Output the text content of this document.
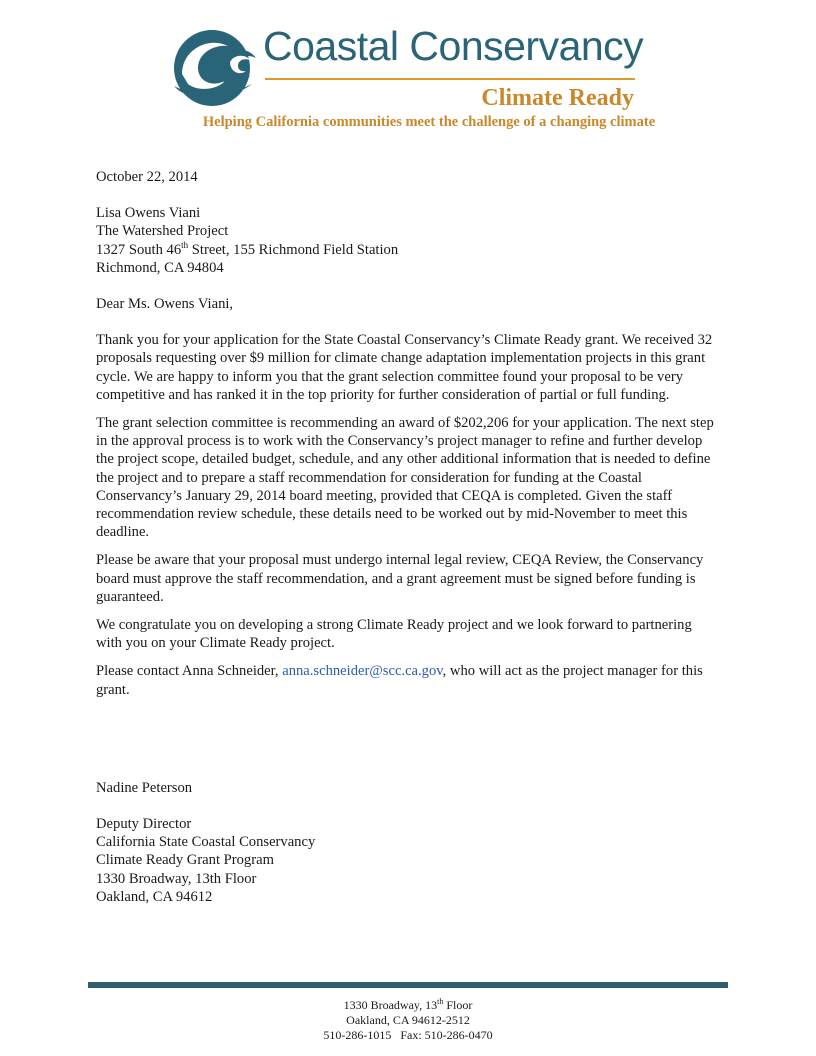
Coastal Conservancy
Climate Ready
Helping California communities meet the challenge of a changing climate

October 22, 2014

Lisa Owens Viani

The Watershed Project

1327 South 46th Street, 155 Richmond Field Station

Richmond, CA 94804

Dear Ms. Owens Viani,

Thank you for your application for the State Coastal Conservancy’s Climate Ready grant. We received 32 proposals requesting over $9 million for climate change adaptation implementation projects in this grant cycle. We are happy to inform you that the grant selection committee found your proposal to be very competitive and has ranked it in the top priority for further consideration of partial or full funding.

The grant selection committee is recommending an award of $202,206 for your application. The next step in the approval process is to work with the Conservancy’s project manager to refine and further develop the project scope, detailed budget, schedule, and any other additional information that is needed to define the project and to prepare a staff recommendation for consideration for funding at the Coastal Conservancy’s January 29, 2014 board meeting, provided that CEQA is completed. Given the staff recommendation review schedule, these details need to be worked out by mid-November to meet this deadline.

Please be aware that your proposal must undergo internal legal review, CEQA Review, the Conservancy board must approve the staff recommendation, and a grant agreement must be signed before funding is guaranteed.

We congratulate you on developing a strong Climate Ready project and we look forward to partnering with you on your Climate Ready project.

Please contact Anna Schneider, anna.schneider@scc.ca.gov, who will act as the project manager for this grant.

Nadine Peterson

Deputy Director

California State Coastal Conservancy

Climate Ready Grant Program

1330 Broadway, 13th Floor

Oakland, CA 94612

1330 Broadway, 13th Floor
Oakland, CA 94612-2512
510-286-1015   Fax: 510-286-0470
